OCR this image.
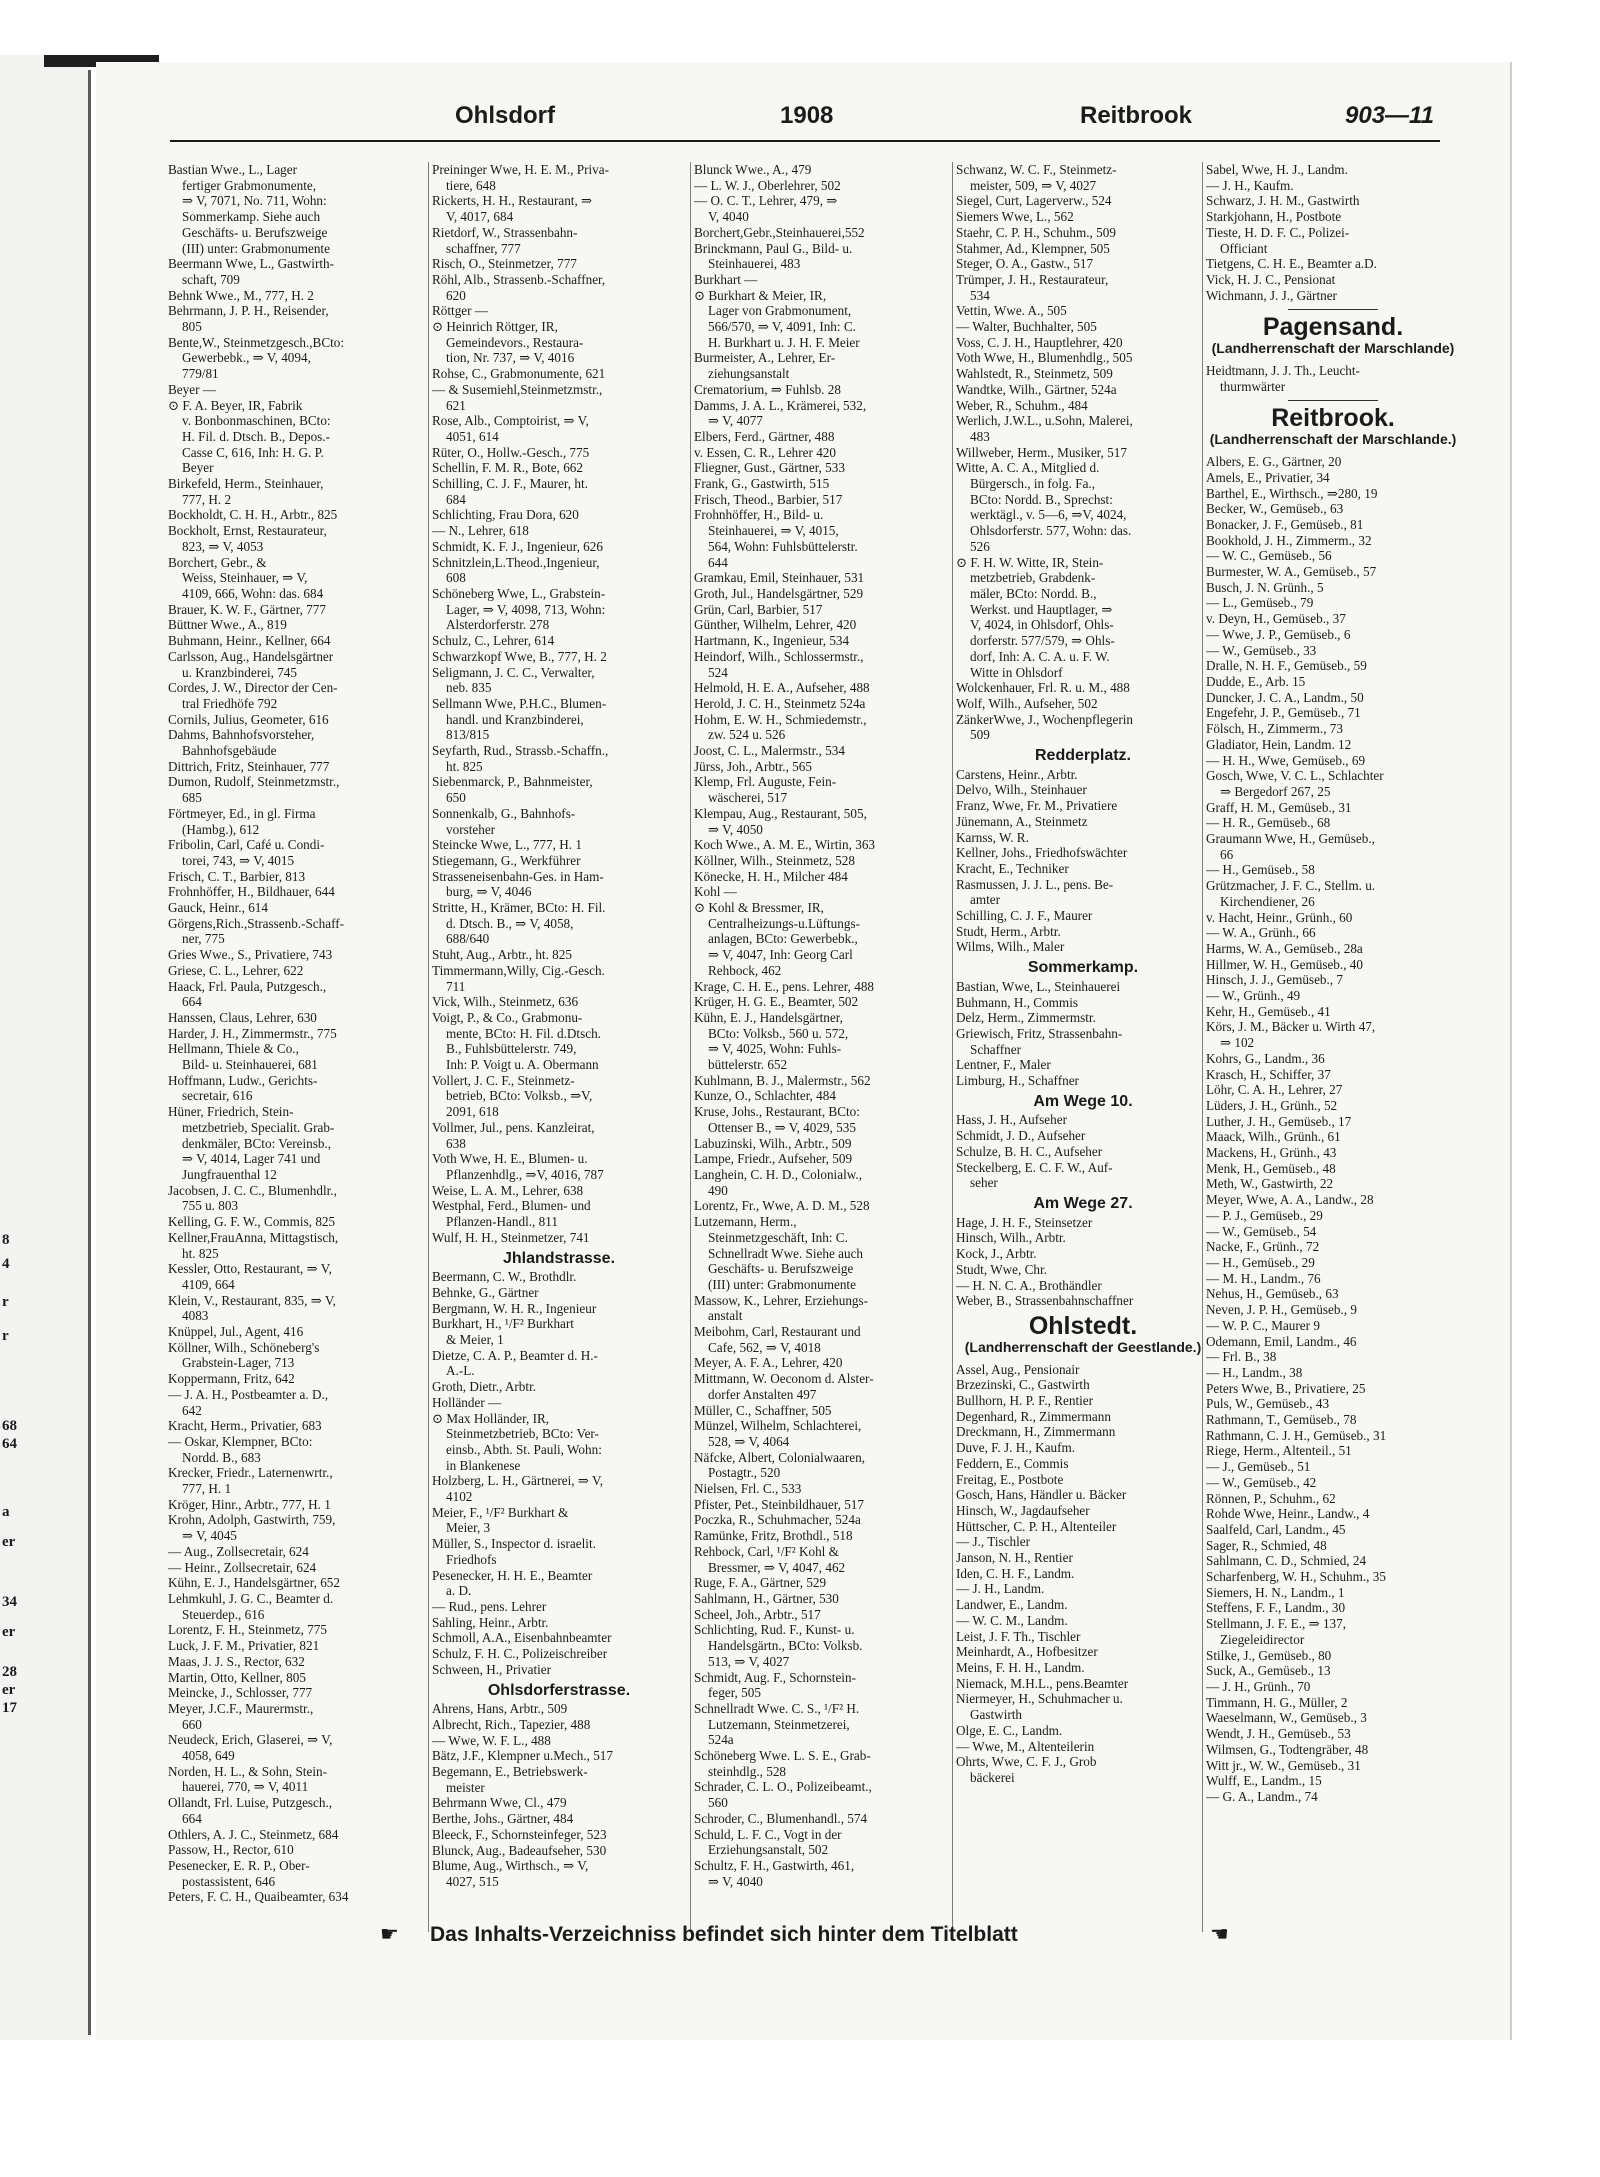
8
4
r
r
68
64
a
er
34
er
28
er
17
Ohlsdorf	1908	Reitbrook	903—11
Bastian Wwe., L., Lager
fertiger Grabmonumente,
⇒ V, 7071, No. 711, Wohn:
Sommerkamp. Siehe auch
Geschäfts- u. Berufszweige
(III) unter: Grabmonumente
Beermann Wwe, L., Gastwirth-
schaft, 709
Behnk Wwe., M., 777, H. 2
Behrmann, J. P. H., Reisender,
805
Bente,W., Steinmetzgesch.,BCto:
Gewerbebk., ⇒ V, 4094,
779/81
Beyer —
⊙ F. A. Beyer, IR, Fabrik
v. Bonbonmaschinen, BCto:
H. Fil. d. Dtsch. B., Depos.-
Casse C, 616, Inh: H. G. P.
Beyer
Birkefeld, Herm., Steinhauer,
777, H. 2
Bockholdt, C. H. H., Arbtr., 825
Bockholt, Ernst, Restaurateur,
823, ⇒ V, 4053
Borchert, Gebr., &
Weiss, Steinhauer, ⇒ V,
4109, 666, Wohn: das. 684
Brauer, K. W. F., Gärtner, 777
Büttner Wwe., A., 819
Buhmann, Heinr., Kellner, 664
Carlsson, Aug., Handelsgärtner
u. Kranzbinderei, 745
Cordes, J. W., Director der Cen-
tral Friedhöfe 792
Cornils, Julius, Geometer, 616
Dahms, Bahnhofsvorsteher,
Bahnhofsgebäude
Dittrich, Fritz, Steinhauer, 777
Dumon, Rudolf, Steinmetzmstr.,
685
Förtmeyer, Ed., in gl. Firma
(Hambg.), 612
Fribolin, Carl, Café u. Condi-
torei, 743, ⇒ V, 4015
Frisch, C. T., Barbier, 813
Frohnhöffer, H., Bildhauer, 644
Gauck, Heinr., 614
Görgens,Rich.,Strassenb.-Schaff-
ner, 775
Gries Wwe., S., Privatiere, 743
Griese, C. L., Lehrer, 622
Haack, Frl. Paula, Putzgesch.,
664
Hanssen, Claus, Lehrer, 630
Harder, J. H., Zimmermstr., 775
Hellmann, Thiele & Co.,
Bild- u. Steinhauerei, 681
Hoffmann, Ludw., Gerichts-
secretair, 616
Hüner, Friedrich, Stein-
metzbetrieb, Specialit. Grab-
denkmäler, BCto: Vereinsb.,
⇒ V, 4014, Lager 741 und
Jungfrauenthal 12
Jacobsen, J. C. C., Blumenhdlr.,
755 u. 803
Kelling, G. F. W., Commis, 825
Kellner,FrauAnna, Mittagstisch,
ht. 825
Kessler, Otto, Restaurant, ⇒ V,
4109, 664
Klein, V., Restaurant, 835, ⇒ V,
4083
Knüppel, Jul., Agent, 416
Köllner, Wilh., Schöneberg's
Grabstein-Lager, 713
Koppermann, Fritz, 642
— J. A. H., Postbeamter a. D.,
642
Kracht, Herm., Privatier, 683
— Oskar, Klempner, BCto:
Nordd. B., 683
Krecker, Friedr., Laternenwrtr.,
777, H. 1
Kröger, Hinr., Arbtr., 777, H. 1
Krohn, Adolph, Gastwirth, 759,
⇒ V, 4045
— Aug., Zollsecretair, 624
— Heinr., Zollsecretair, 624
Kühn, E. J., Handelsgärtner, 652
Lehmkuhl, J. G. C., Beamter d.
Steuerdep., 616
Lorentz, F. H., Steinmetz, 775
Luck, J. F. M., Privatier, 821
Maas, J. J. S., Rector, 632
Martin, Otto, Kellner, 805
Meincke, J., Schlosser, 777
Meyer, J.C.F., Maurermstr.,
660
Neudeck, Erich, Glaserei, ⇒ V,
4058, 649
Norden, H. L., & Sohn, Stein-
hauerei, 770, ⇒ V, 4011
Ollandt, Frl. Luise, Putzgesch.,
664
Othlers, A. J. C., Steinmetz, 684
Passow, H., Rector, 610
Pesenecker, E. R. P., Ober-
postassistent, 646
Peters, F. C. H., Quaibeamter, 634
Preininger Wwe, H. E. M., Priva-
tiere, 648
Rickerts, H. H., Restaurant, ⇒
V, 4017, 684
Rietdorf, W., Strassenbahn-
schaffner, 777
Risch, O., Steinmetzer, 777
Röhl, Alb., Strassenb.-Schaffner,
620
Röttger —
⊙ Heinrich Röttger, IR,
Gemeindevors., Restaura-
tion, Nr. 737, ⇒ V, 4016
Rohse, C., Grabmonumente, 621
— & Susemiehl,Steinmetzmstr.,
621
Rose, Alb., Comptoirist, ⇒ V,
4051, 614
Rüter, O., Hollw.-Gesch., 775
Schellin, F. M. R., Bote, 662
Schilling, C. J. F., Maurer, ht.
684
Schlichting, Frau Dora, 620
— N., Lehrer, 618
Schmidt, K. F. J., Ingenieur, 626
Schnitzlein,L.Theod.,Ingenieur,
608
Schöneberg Wwe, L., Grabstein-
Lager, ⇒ V, 4098, 713, Wohn:
Alsterdorferstr. 278
Schulz, C., Lehrer, 614
Schwarzkopf Wwe, B., 777, H. 2
Seligmann, J. C. C., Verwalter,
neb. 835
Sellmann Wwe, P.H.C., Blumen-
handl. und Kranzbinderei,
813/815
Seyfarth, Rud., Strassb.-Schaffn.,
ht. 825
Siebenmarck, P., Bahnmeister,
650
Sonnenkalb, G., Bahnhofs-
vorsteher
Steincke Wwe, L., 777, H. 1
Stiegemann, G., Werkführer
Strasseneisenbahn-Ges. in Ham-
burg, ⇒ V, 4046
Stritte, H., Krämer, BCto: H. Fil.
d. Dtsch. B., ⇒ V, 4058,
688/640
Stuht, Aug., Arbtr., ht. 825
Timmermann,Willy, Cig.-Gesch.
711
Vick, Wilh., Steinmetz, 636
Voigt, P., & Co., Grabmonu-
mente, BCto: H. Fil. d.Dtsch.
B., Fuhlsbüttelerstr. 749,
Inh: P. Voigt u. A. Obermann
Vollert, J. C. F., Steinmetz-
betrieb, BCto: Volksb., ⇒V,
2091, 618
Vollmer, Jul., pens. Kanzleirat,
638
Voth Wwe, H. E., Blumen- u.
Pflanzenhdlg., ⇒V, 4016, 787
Weise, L. A. M., Lehrer, 638
Westphal, Ferd., Blumen- und
Pflanzen-Handl., 811
Wulf, H. H., Steinmetzer, 741
Jhlandstrasse.
Beermann, C. W., Brothdlr.
Behnke, G., Gärtner
Bergmann, W. H. R., Ingenieur
Burkhart, H., ¹/F² Burkhart
& Meier, 1
Dietze, C. A. P., Beamter d. H.-
A.-L.
Groth, Dietr., Arbtr.
Holländer —
⊙ Max Holländer, IR,
Steinmetzbetrieb, BCto: Ver-
einsb., Abth. St. Pauli, Wohn:
in Blankenese
Holzberg, L. H., Gärtnerei, ⇒ V,
4102
Meier, F., ¹/F² Burkhart &
Meier, 3
Müller, S., Inspector d. israelit.
Friedhofs
Pesenecker, H. H. E., Beamter
a. D.
— Rud., pens. Lehrer
Sahling, Heinr., Arbtr.
Schmoll, A.A., Eisenbahnbeamter
Schulz, F. H. C., Polizeischreiber
Schween, H., Privatier
Ohlsdorferstrasse.
Ahrens, Hans, Arbtr., 509
Albrecht, Rich., Tapezier, 488
— Wwe, W. F. L., 488
Bätz, J.F., Klempner u.Mech., 517
Begemann, E., Betriebswerk-
meister
Behrmann Wwe, Cl., 479
Berthe, Johs., Gärtner, 484
Bleeck, F., Schornsteinfeger, 523
Blunck, Aug., Badeaufseher, 530
Blume, Aug., Wirthsch., ⇒ V,
4027, 515
Blunck Wwe., A., 479
— L. W. J., Oberlehrer, 502
— O. C. T., Lehrer, 479, ⇒
V, 4040
Borchert,Gebr.,Steinhauerei,552
Brinckmann, Paul G., Bild- u.
Steinhauerei, 483
Burkhart —
⊙ Burkhart & Meier, IR,
Lager von Grabmonument,
566/570, ⇒ V, 4091, Inh: C.
H. Burkhart u. J. H. F. Meier
Burmeister, A., Lehrer, Er-
ziehungsanstalt
Crematorium, ⇒ Fuhlsb. 28
Damms, J. A. L., Krämerei, 532,
⇒ V, 4077
Elbers, Ferd., Gärtner, 488
v. Essen, C. R., Lehrer 420
Fliegner, Gust., Gärtner, 533
Frank, G., Gastwirth, 515
Frisch, Theod., Barbier, 517
Frohnhöffer, H., Bild- u.
Steinhauerei, ⇒ V, 4015,
564, Wohn: Fuhlsbüttelerstr.
644
Gramkau, Emil, Steinhauer, 531
Groth, Jul., Handelsgärtner, 529
Grün, Carl, Barbier, 517
Günther, Wilhelm, Lehrer, 420
Hartmann, K., Ingenieur, 534
Heindorf, Wilh., Schlossermstr.,
524
Helmold, H. E. A., Aufseher, 488
Herold, J. C. H., Steinmetz 524a
Hohm, E. W. H., Schmiedemstr.,
zw. 524 u. 526
Joost, C. L., Malermstr., 534
Jürss, Joh., Arbtr., 565
Klemp, Frl. Auguste, Fein-
wäscherei, 517
Klempau, Aug., Restaurant, 505,
⇒ V, 4050
Koch Wwe., A. M. E., Wirtin, 363
Köllner, Wilh., Steinmetz, 528
Könecke, H. H., Milcher 484
Kohl —
⊙ Kohl & Bressmer, IR,
Centralheizungs-u.Lüftungs-
anlagen, BCto: Gewerbebk.,
⇒ V, 4047, Inh: Georg Carl
Rehbock, 462
Krage, C. H. E., pens. Lehrer, 488
Krüger, H. G. E., Beamter, 502
Kühn, E. J., Handelsgärtner,
BCto: Volksb., 560 u. 572,
⇒ V, 4025, Wohn: Fuhls-
büttelerstr. 652
Kuhlmann, B. J., Malermstr., 562
Kunze, O., Schlachter, 484
Kruse, Johs., Restaurant, BCto:
Ottenser B., ⇒ V, 4029, 535
Labuzinski, Wilh., Arbtr., 509
Lampe, Friedr., Aufseher, 509
Langhein, C. H. D., Colonialw.,
490
Lorentz, Fr., Wwe, A. D. M., 528
Lutzemann, Herm.,
Steinmetzgeschäft, Inh: C.
Schnellradt Wwe. Siehe auch
Geschäfts- u. Berufszweige
(III) unter: Grabmonumente
Massow, K., Lehrer, Erziehungs-
anstalt
Meibohm, Carl, Restaurant und
Cafe, 562, ⇒ V, 4018
Meyer, A. F. A., Lehrer, 420
Mittmann, W. Oeconom d. Alster-
dorfer Anstalten 497
Müller, C., Schaffner, 505
Münzel, Wilhelm, Schlachterei,
528, ⇒ V, 4064
Näfcke, Albert, Colonialwaaren,
Postagtr., 520
Nielsen, Frl. C., 533
Pfister, Pet., Steinbildhauer, 517
Poczka, R., Schuhmacher, 524a
Ramünke, Fritz, Brothdl., 518
Rehbock, Carl, ¹/F² Kohl &
Bressmer, ⇒ V, 4047, 462
Ruge, F. A., Gärtner, 529
Sahlmann, H., Gärtner, 530
Scheel, Joh., Arbtr., 517
Schlichting, Rud. F., Kunst- u.
Handelsgärtn., BCto: Volksb.
513, ⇒ V, 4027
Schmidt, Aug. F., Schornstein-
feger, 505
Schnellradt Wwe. C. S., ¹/F² H.
Lutzemann, Steinmetzerei,
524a
Schöneberg Wwe. L. S. E., Grab-
steinhdlg., 528
Schrader, C. L. O., Polizeibeamt.,
560
Schroder, C., Blumenhandl., 574
Schuld, L. F. C., Vogt in der
Erziehungsanstalt, 502
Schultz, F. H., Gastwirth, 461,
⇒ V, 4040
Schwanz, W. C. F., Steinmetz-
meister, 509, ⇒ V, 4027
Siegel, Curt, Lagerverw., 524
Siemers Wwe, L., 562
Staehr, C. P. H., Schuhm., 509
Stahmer, Ad., Klempner, 505
Steger, O. A., Gastw., 517
Trümper, J. H., Restaurateur,
534
Vettin, Wwe. A., 505
— Walter, Buchhalter, 505
Voss, C. J. H., Hauptlehrer, 420
Voth Wwe, H., Blumenhdlg., 505
Wahlstedt, R., Steinmetz, 509
Wandtke, Wilh., Gärtner, 524a
Weber, R., Schuhm., 484
Werlich, J.W.L., u.Sohn, Malerei,
483
Willweber, Herm., Musiker, 517
Witte, A. C. A., Mitglied d.
Bürgersch., in folg. Fa.,
BCto: Nordd. B., Sprechst:
werktägl., v. 5—6, ⇒V, 4024,
Ohlsdorferstr. 577, Wohn: das.
526
⊙ F. H. W. Witte, IR, Stein-
metzbetrieb, Grabdenk-
mäler, BCto: Nordd. B.,
Werkst. und Hauptlager, ⇒
V, 4024, in Ohlsdorf, Ohls-
dorferstr. 577/579, ⇒ Ohls-
dorf, Inh: A. C. A. u. F. W.
Witte in Ohlsdorf
Wolckenhauer, Frl. R. u. M., 488
Wolf, Wilh., Aufseher, 502
ZänkerWwe, J., Wochenpflegerin
509
Redderplatz.
Carstens, Heinr., Arbtr.
Delvo, Wilh., Steinhauer
Franz, Wwe, Fr. M., Privatiere
Jünemann, A., Steinmetz
Karnss, W. R.
Kellner, Johs., Friedhofswächter
Kracht, E., Techniker
Rasmussen, J. J. L., pens. Be-
amter
Schilling, C. J. F., Maurer
Studt, Herm., Arbtr.
Wilms, Wilh., Maler
Sommerkamp.
Bastian, Wwe, L., Steinhauerei
Buhmann, H., Commis
Delz, Herm., Zimmermstr.
Griewisch, Fritz, Strassenbahn-
Schaffner
Lentner, F., Maler
Limburg, H., Schaffner
Am Wege 10.
Hass, J. H., Aufseher
Schmidt, J. D., Aufseher
Schulze, B. H. C., Aufseher
Steckelberg, E. C. F. W., Auf-
seher
Am Wege 27.
Hage, J. H. F., Steinsetzer
Hinsch, Wilh., Arbtr.
Kock, J., Arbtr.
Studt, Wwe, Chr.
— H. N. C. A., Brothändler
Weber, B., Strassenbahnschaffner
Ohlstedt.
(Landherrenschaft der Geestlande.)
Assel, Aug., Pensionair
Brzezinski, C., Gastwirth
Bullhorn, H. P. F., Rentier
Degenhard, R., Zimmermann
Dreckmann, H., Zimmermann
Duve, F. J. H., Kaufm.
Feddern, E., Commis
Freitag, E., Postbote
Gosch, Hans, Händler u. Bäcker
Hinsch, W., Jagdaufseher
Hüttscher, C. P. H., Altenteiler
— J., Tischler
Janson, N. H., Rentier
Iden, C. H. F., Landm.
— J. H., Landm.
Landwer, E., Landm.
— W. C. M., Landm.
Leist, J. F. Th., Tischler
Meinhardt, A., Hofbesitzer
Meins, F. H. H., Landm.
Niemack, M.H.L., pens.Beamter
Niermeyer, H., Schuhmacher u.
Gastwirth
Olge, E. C., Landm.
— Wwe, M., Altenteilerin
Ohrts, Wwe, C. F. J., Grob
bäckerei
Sabel, Wwe, H. J., Landm.
— J. H., Kaufm.
Schwarz, J. H. M., Gastwirth
Starkjohann, H., Postbote
Tieste, H. D. F. C., Polizei-
Officiant
Tietgens, C. H. E., Beamter a.D.
Vick, H. J. C., Pensionat
Wichmann, J. J., Gärtner
Pagensand.
(Landherrenschaft der Marschlande)
Heidtmann, J. J. Th., Leucht-
thurmwärter
Reitbrook.
(Landherrenschaft der Marschlande.)
Albers, E. G., Gärtner, 20
Amels, E., Privatier, 34
Barthel, E., Wirthsch., ⇒280, 19
Becker, W., Gemüseb., 63
Bonacker, J. F., Gemüseb., 81
Bookhold, J. H., Zimmerm., 32
— W. C., Gemüseb., 56
Burmester, W. A., Gemüseb., 57
Busch, J. N. Grünh., 5
— L., Gemüseb., 79
v. Deyn, H., Gemüseb., 37
— Wwe, J. P., Gemüseb., 6
— W., Gemüseb., 33
Dralle, N. H. F., Gemüseb., 59
Dudde, E., Arb. 15
Duncker, J. C. A., Landm., 50
Engefehr, J. P., Gemüseb., 71
Fölsch, H., Zimmerm., 73
Gladiator, Hein, Landm. 12
— H. H., Wwe, Gemüseb., 69
Gosch, Wwe, V. C. L., Schlachter
⇒ Bergedorf 267, 25
Graff, H. M., Gemüseb., 31
— H. R., Gemüseb., 68
Graumann Wwe, H., Gemüseb.,
66
— H., Gemüseb., 58
Grützmacher, J. F. C., Stellm. u.
Kirchendiener, 26
v. Hacht, Heinr., Grünh., 60
— W. A., Grünh., 66
Harms, W. A., Gemüseb., 28a
Hillmer, W. H., Gemüseb., 40
Hinsch, J. J., Gemüseb., 7
— W., Grünh., 49
Kehr, H., Gemüseb., 41
Körs, J. M., Bäcker u. Wirth 47,
⇒ 102
Kohrs, G., Landm., 36
Krasch, H., Schiffer, 37
Löhr, C. A. H., Lehrer, 27
Lüders, J. H., Grünh., 52
Luther, J. H., Gemüseb., 17
Maack, Wilh., Grünh., 61
Mackens, H., Grünh., 43
Menk, H., Gemüseb., 48
Meth, W., Gastwirth, 22
Meyer, Wwe, A. A., Landw., 28
— P. J., Gemüseb., 29
— W., Gemüseb., 54
Nacke, F., Grünh., 72
— H., Gemüseb., 29
— M. H., Landm., 76
Nehus, H., Gemüseb., 63
Neven, J. P. H., Gemüseb., 9
— W. P. C., Maurer 9
Odemann, Emil, Landm., 46
— Frl. B., 38
— H., Landm., 38
Peters Wwe, B., Privatiere, 25
Puls, W., Gemüseb., 43
Rathmann, T., Gemüseb., 78
Rathmann, C. J. H., Gemüseb., 31
Riege, Herm., Altenteil., 51
— J., Gemüseb., 51
— W., Gemüseb., 42
Rönnen, P., Schuhm., 62
Rohde Wwe, Heinr., Landw., 4
Saalfeld, Carl, Landm., 45
Sager, R., Schmied, 48
Sahlmann, C. D., Schmied, 24
Scharfenberg, W. H., Schuhm., 35
Siemers, H. N., Landm., 1
Steffens, F. F., Landm., 30
Stellmann, J. F. E., ⇒ 137,
Ziegeleidirector
Stilke, J., Gemüseb., 80
Suck, A., Gemüseb., 13
— J. H., Grünh., 70
Timmann, H. G., Müller, 2
Waeselmann, W., Gemüseb., 3
Wendt, J. H., Gemüseb., 53
Wilmsen, G., Todtengräber, 48
Witt jr., W. W., Gemüseb., 31
Wulff, E., Landm., 15
— G. A., Landm., 74
☛ Das Inhalts-Verzeichniss befindet sich hinter dem Titelblatt	☚
